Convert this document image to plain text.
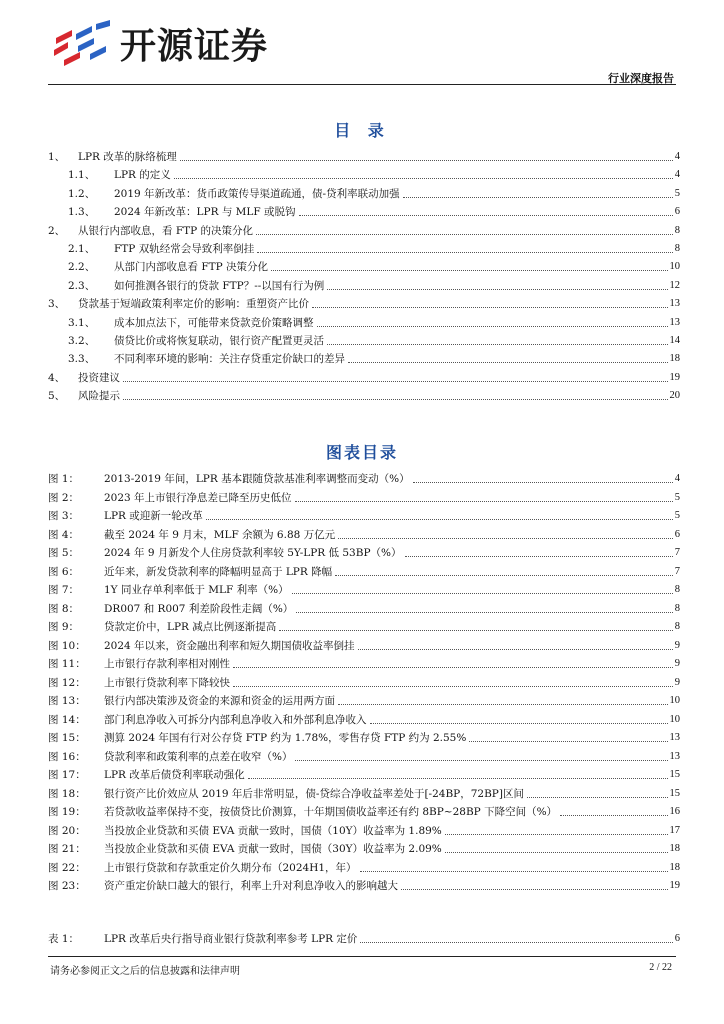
开源证券
行业深度报告
目 录
1、	LPR 改革的脉络梳理	4
1.1、	LPR 的定义	4
1.2、	2019 年新改革：货币政策传导渠道疏通，债-贷利率联动加强	5
1.3、	2024 年新改革：LPR 与 MLF 或脱钩	6
2、	从银行内部收息，看 FTP 的决策分化	8
2.1、	FTP 双轨经常会导致利率倒挂	8
2.2、	从部门内部收息看 FTP 决策分化	10
2.3、	如何推测各银行的贷款 FTP？--以国有行为例	12
3、	贷款基于短端政策利率定价的影响：重塑资产比价	13
3.1、	成本加点法下，可能带来贷款竞价策略调整	13
3.2、	债贷比价或将恢复联动，银行资产配置更灵活	14
3.3、	不同利率环境的影响：关注存贷重定价缺口的差异	18
4、	投资建议	19
5、	风险提示	20
图表目录
图 1：	2013-2019 年间，LPR 基本跟随贷款基准利率调整而变动（%）	4
图 2：	2023 年上市银行净息差已降至历史低位	5
图 3：	LPR 或迎新一轮改革	5
图 4：	截至 2024 年 9 月末，MLF 余额为 6.88 万亿元	6
图 5：	2024 年 9 月新发个人住房贷款利率较 5Y-LPR 低 53BP（%）	7
图 6：	近年来，新发贷款利率的降幅明显高于 LPR 降幅	7
图 7：	1Y 同业存单利率低于 MLF 利率（%）	8
图 8：	DR007 和 R007 利差阶段性走阔（%）	8
图 9：	贷款定价中，LPR 减点比例逐渐提高	8
图 10：	2024 年以来，资金融出利率和短久期国债收益率倒挂	9
图 11：	上市银行存款利率相对刚性	9
图 12：	上市银行贷款利率下降较快	9
图 13：	银行内部决策涉及资金的来源和资金的运用两方面	10
图 14：	部门利息净收入可拆分内部利息净收入和外部利息净收入	10
图 15：	测算 2024 年国有行对公存贷 FTP 约为 1.78%，零售存贷 FTP 约为 2.55%	13
图 16：	贷款利率和政策利率的点差在收窄（%）	13
图 17：	LPR 改革后债贷利率联动强化	15
图 18：	银行资产比价效应从 2019 年后非常明显，债-贷综合净收益率差处于[-24BP，72BP]区间	15
图 19：	若贷款收益率保持不变，按债贷比价测算，十年期国债收益率还有约 8BP~28BP 下降空间（%）	16
图 20：	当投放企业贷款和买债 EVA 贡献一致时，国债（10Y）收益率为 1.89%	17
图 21：	当投放企业贷款和买债 EVA 贡献一致时，国债（30Y）收益率为 2.09%	18
图 22：	上市银行贷款和存款重定价久期分布（2024H1，年）	18
图 23：	资产重定价缺口越大的银行，利率上升对利息净收入的影响越大	19
表 1：	LPR 改革后央行指导商业银行贷款利率参考 LPR 定价	6
请务必参阅正文之后的信息披露和法律声明	2 / 22
